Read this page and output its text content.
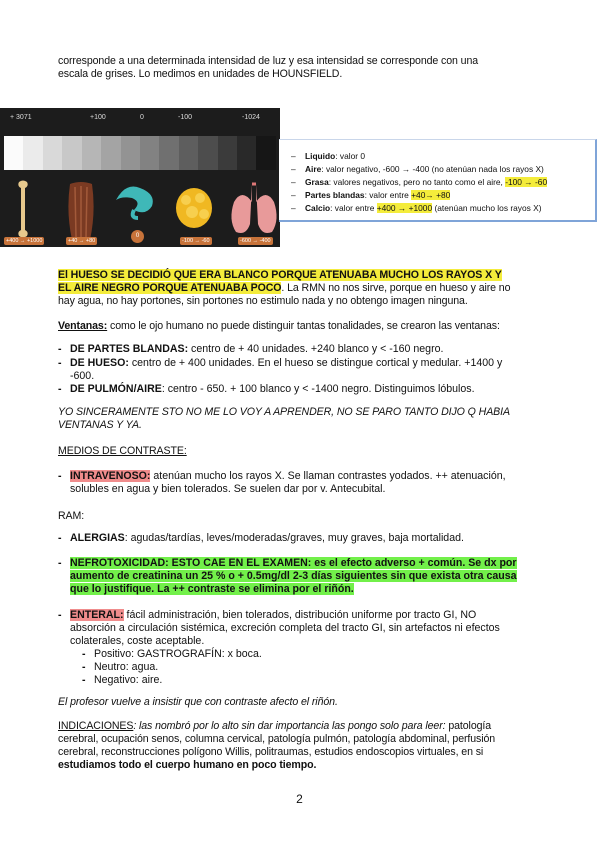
corresponde a una determinada intensidad de luz y esa intensidad se corresponde con una
escala de grises. Lo medimos en unidades de HOUNSFIELD.
+ 3071	+100	0	-100	-1024
0
+400 → +1000	+40 → +80	-100 → -60	-600 → -400
– Liquido: valor 0
– Aire: valor negativo, -600 → -400 (no atenúan nada los rayos X)
– Grasa: valores negativos, pero no tanto como el aire, -100 → -60
– Partes blandas: valor entre +40→ +80
– Calcio: valor entre +400 → +1000 (atenúan mucho los rayos X)
El HUESO SE DECIDIÓ QUE ERA BLANCO PORQUE ATENUABA MUCHO LOS RAYOS X Y
EL AIRE NEGRO PORQUE ATENUABA POCO. La RMN no nos sirve, porque en hueso y aire no
hay agua, no hay portones, sin portones no estimulo nada y no obtengo imagen ninguna.
Ventanas: como le ojo humano no puede distinguir tantas tonalidades, se crearon las ventanas:
- DE PARTES BLANDAS: centro de + 40 unidades. +240 blanco y < -160 negro.
- DE HUESO: centro de + 400 unidades. En el hueso se distingue cortical y medular. +1400 y
-600.
- DE PULMÓN/AIRE: centro - 650. + 100 blanco y < -1400 negro. Distinguimos lóbulos.
YO SINCERAMENTE STO NO ME LO VOY A APRENDER, NO SE PARO TANTO DIJO Q HABIA
VENTANAS Y YA.
MEDIOS DE CONTRASTE:
- INTRAVENOSO: atenúan mucho los rayos X. Se llaman contrastes yodados. ++ atenuación,
solubles en agua y bien tolerados. Se suelen dar por v. Antecubital.
RAM:
- ALERGIAS: agudas/tardías, leves/moderadas/graves, muy graves, baja mortalidad.
- NEFROTOXICIDAD: ESTO CAE EN EL EXAMEN: es el efecto adverso + común. Se dx por
aumento de creatinina un 25 % o + 0.5mg/dl 2-3 días siguientes sin que exista otra causa
que lo justifique. La ++ contraste se elimina por el riñón.
- ENTERAL: fácil administración, bien tolerados, distribución uniforme por tracto GI, NO
absorción a circulación sistémica, excreción completa del tracto GI, sin artefactos ni efectos
colaterales, coste aceptable.
- Positivo: GASTROGRAFÍN: x boca.
- Neutro: agua.
- Negativo: aire.
El profesor vuelve a insistir que con contraste afecto el riñón.
INDICACIONES: las nombró por lo alto sin dar importancia las pongo solo para leer: patología
cerebral, ocupación senos, columna cervical, patología pulmón, patología abdominal, perfusión
cerebral, reconstrucciones polígono Willis, politraumas, estudios endoscopios virtuales, en si
estudiamos todo el cuerpo humano en poco tiempo.
2
